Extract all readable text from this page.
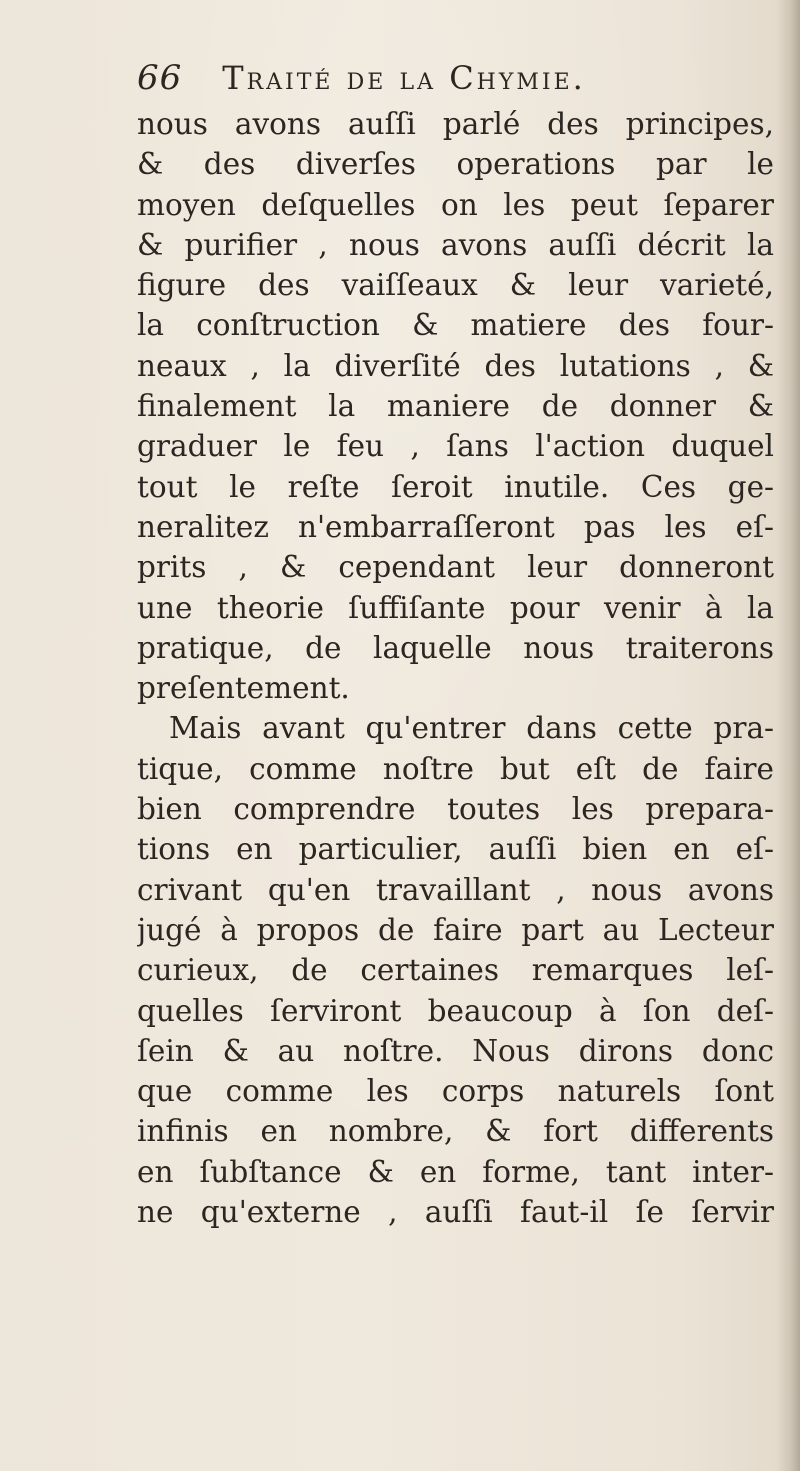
66 Traité de la Chymie.
nous avons auſſi parlé des principes,
& des diverſes operations par le
moyen deſquelles on les peut ſeparer
& purifier , nous avons auſſi décrit la
figure des vaiſſeaux & leur varieté,
la conſtruction & matiere des four-
neaux , la diverſité des lutations , &
finalement la maniere de donner &
graduer le feu , ſans l'action duquel
tout le reſte ſeroit inutile. Ces ge-
neralitez n'embarraſſeront pas les eſ-
prits , & cependant leur donneront
une theorie ſuffiſante pour venir à la
pratique, de laquelle nous traiterons
preſentement.
Mais avant qu'entrer dans cette pra-
tique, comme noſtre but eſt de faire
bien comprendre toutes les prepara-
tions en particulier, auſſi bien en eſ-
crivant qu'en travaillant , nous avons
jugé à propos de faire part au Lecteur
curieux, de certaines remarques leſ-
quelles ſerviront beaucoup à ſon deſ-
ſein & au noſtre. Nous dirons donc
que comme les corps naturels ſont
infinis en nombre, & fort differents
en ſubſtance & en forme, tant inter-
ne qu'externe , auſſi faut-il ſe ſervir
